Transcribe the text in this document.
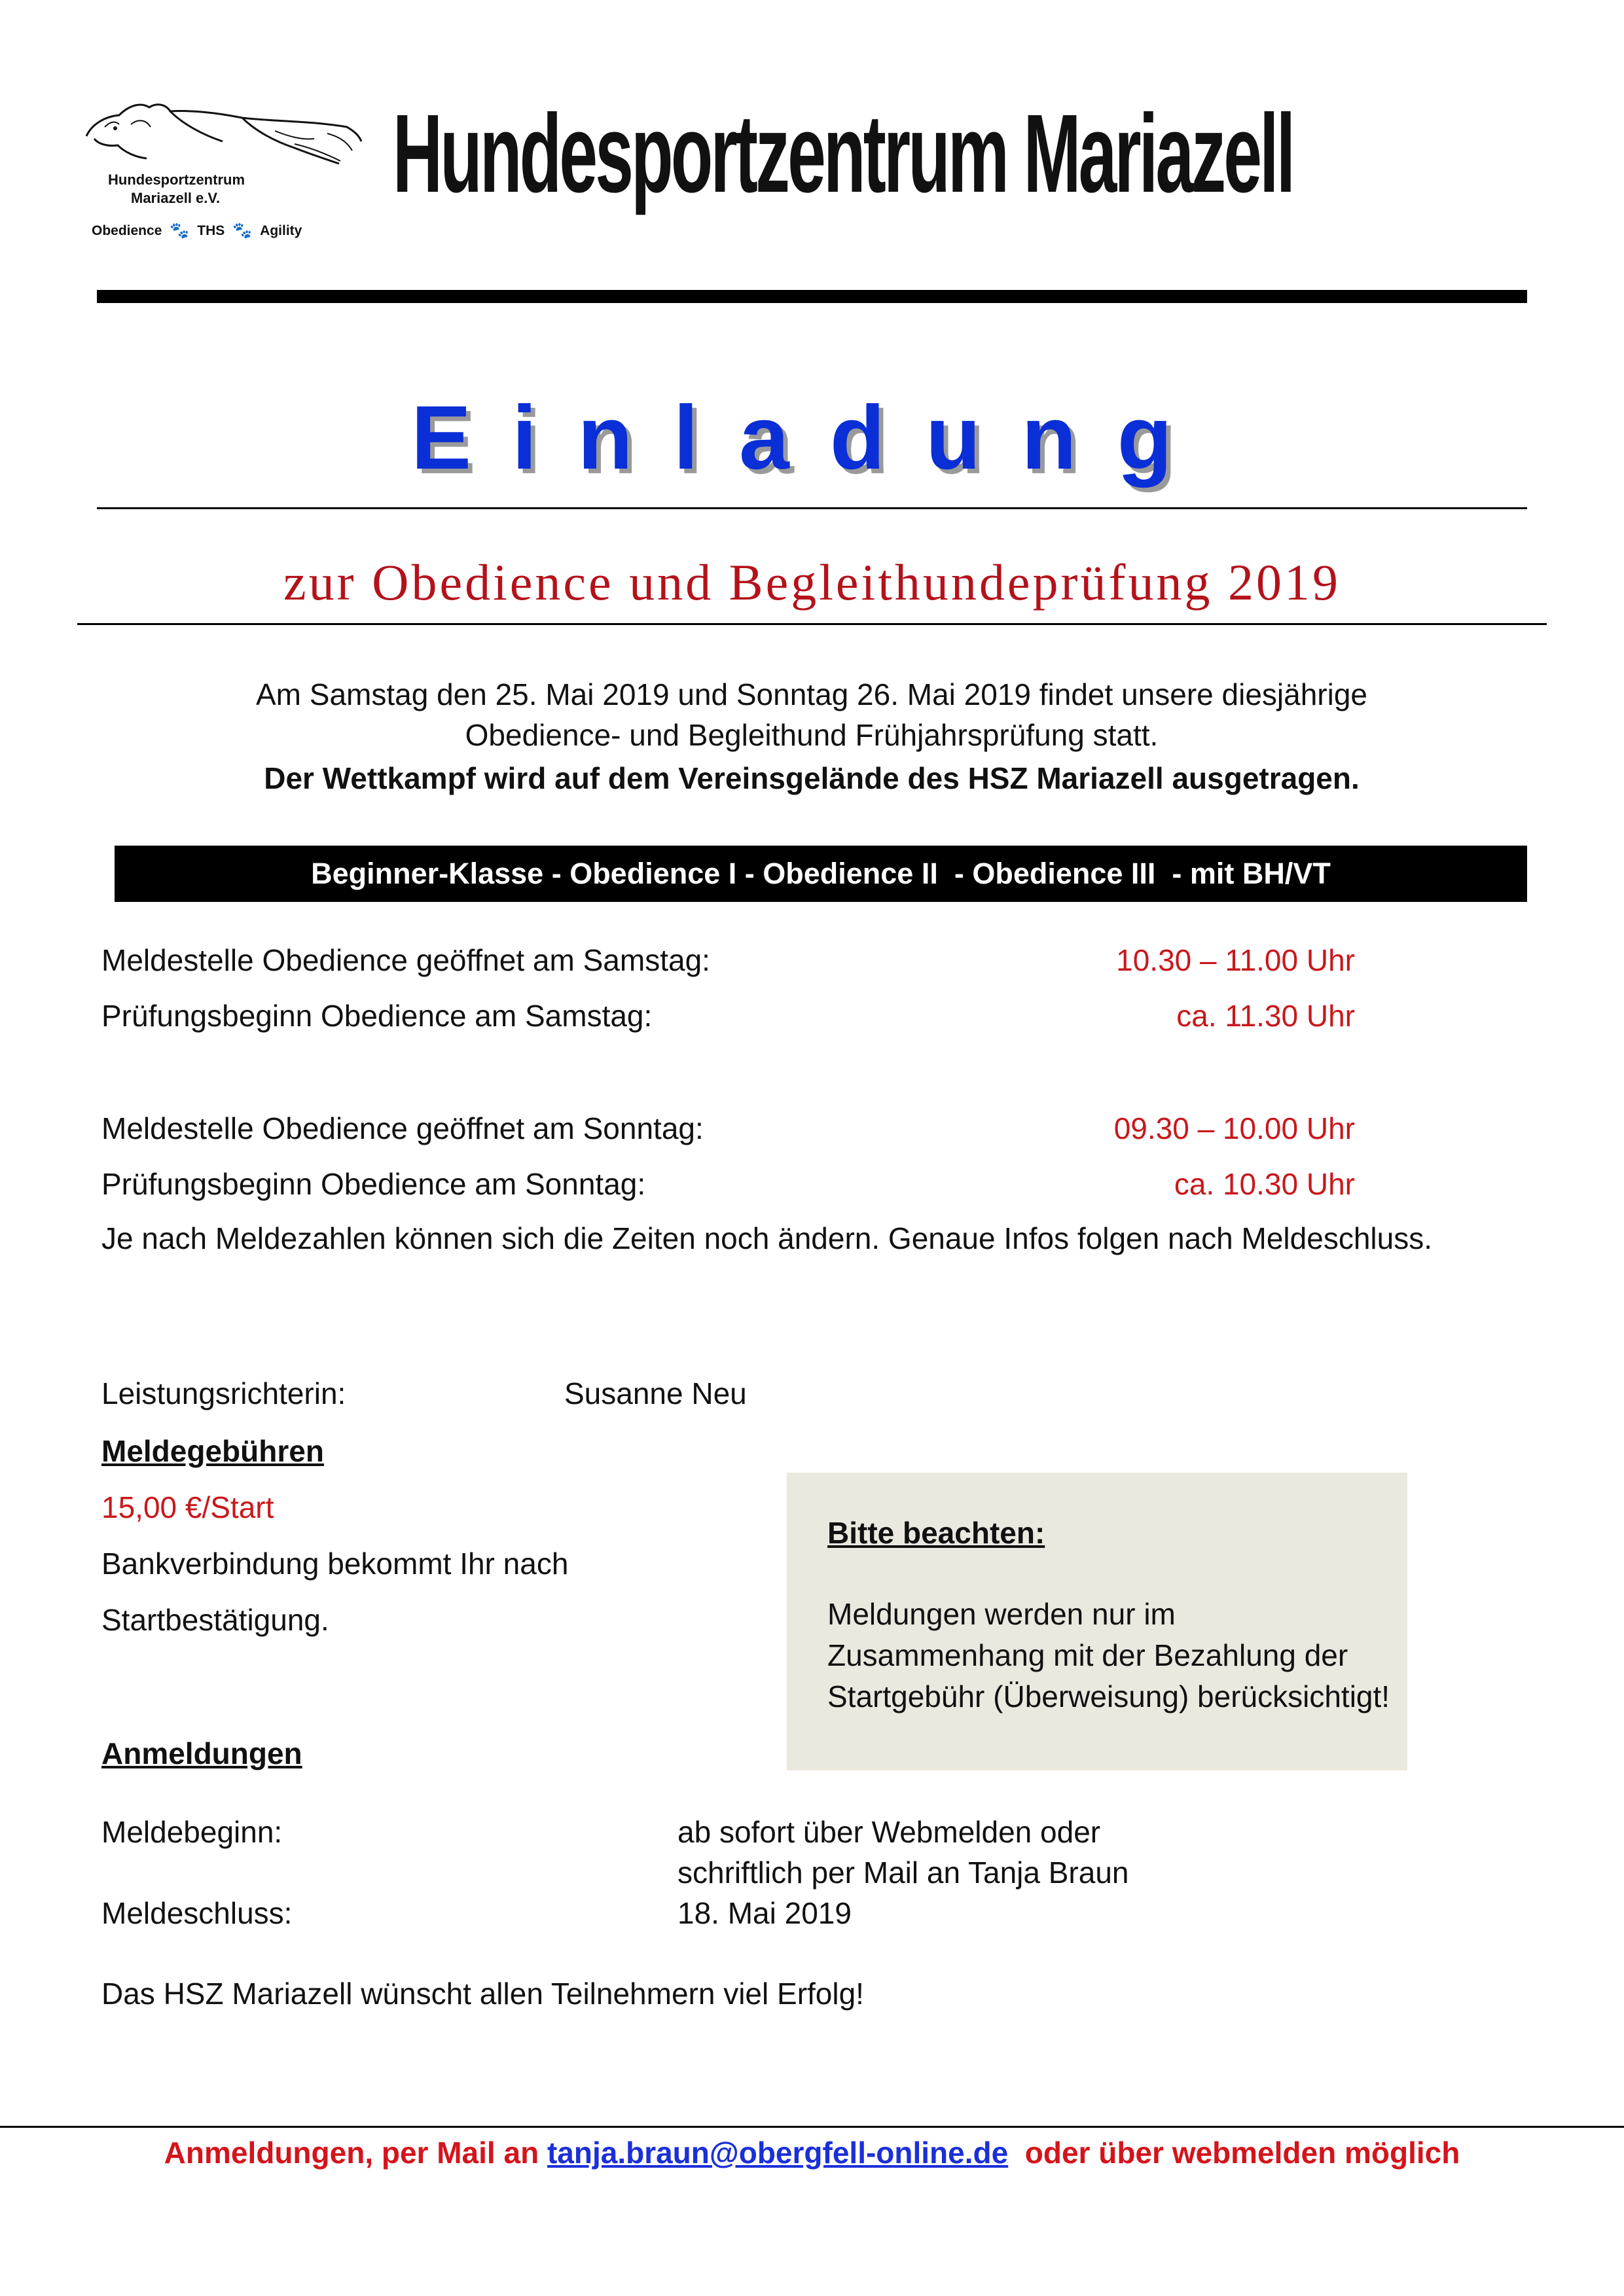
Hundesportzentrum
Mariazell e.V.
Obedience 🐾 THS 🐾 Agility
Hundesportzentrum Mariazell
Einladung
zur Obedience und Begleithundeprüfung 2019
Am Samstag den 25. Mai 2019 und Sonntag 26. Mai 2019 findet unsere diesjährige
Obedience- und Begleithund Frühjahrsprüfung statt.
Der Wettkampf wird auf dem Vereinsgelände des HSZ Mariazell ausgetragen.
Beginner-Klasse - Obedience I - Obedience II  - Obedience III  - mit BH/VT
Meldestelle Obedience geöffnet am Samstag:	10.30 – 11.00 Uhr
Prüfungsbeginn Obedience am Samstag:	ca. 11.30 Uhr
Meldestelle Obedience geöffnet am Sonntag:	09.30 – 10.00 Uhr
Prüfungsbeginn Obedience am Sonntag:	ca. 10.30 Uhr
Je nach Meldezahlen können sich die Zeiten noch ändern. Genaue Infos folgen nach Meldeschluss.
Leistungsrichterin:	Susanne Neu
Meldegebühren
15,00 €/Start
Bankverbindung bekommt Ihr nach
Startbestätigung.
Bitte beachten:
Meldungen werden nur im Zusammenhang mit der Bezahlung der Startgebühr (Überweisung) berücksichtigt!
Anmeldungen
Meldebeginn:	ab sofort über Webmelden oder
schriftlich per Mail an Tanja Braun
Meldeschluss:	18. Mai 2019
Das HSZ Mariazell wünscht allen Teilnehmern viel Erfolg!
Anmeldungen, per Mail an tanja.braun@obergfell-online.de  oder über webmelden möglich
